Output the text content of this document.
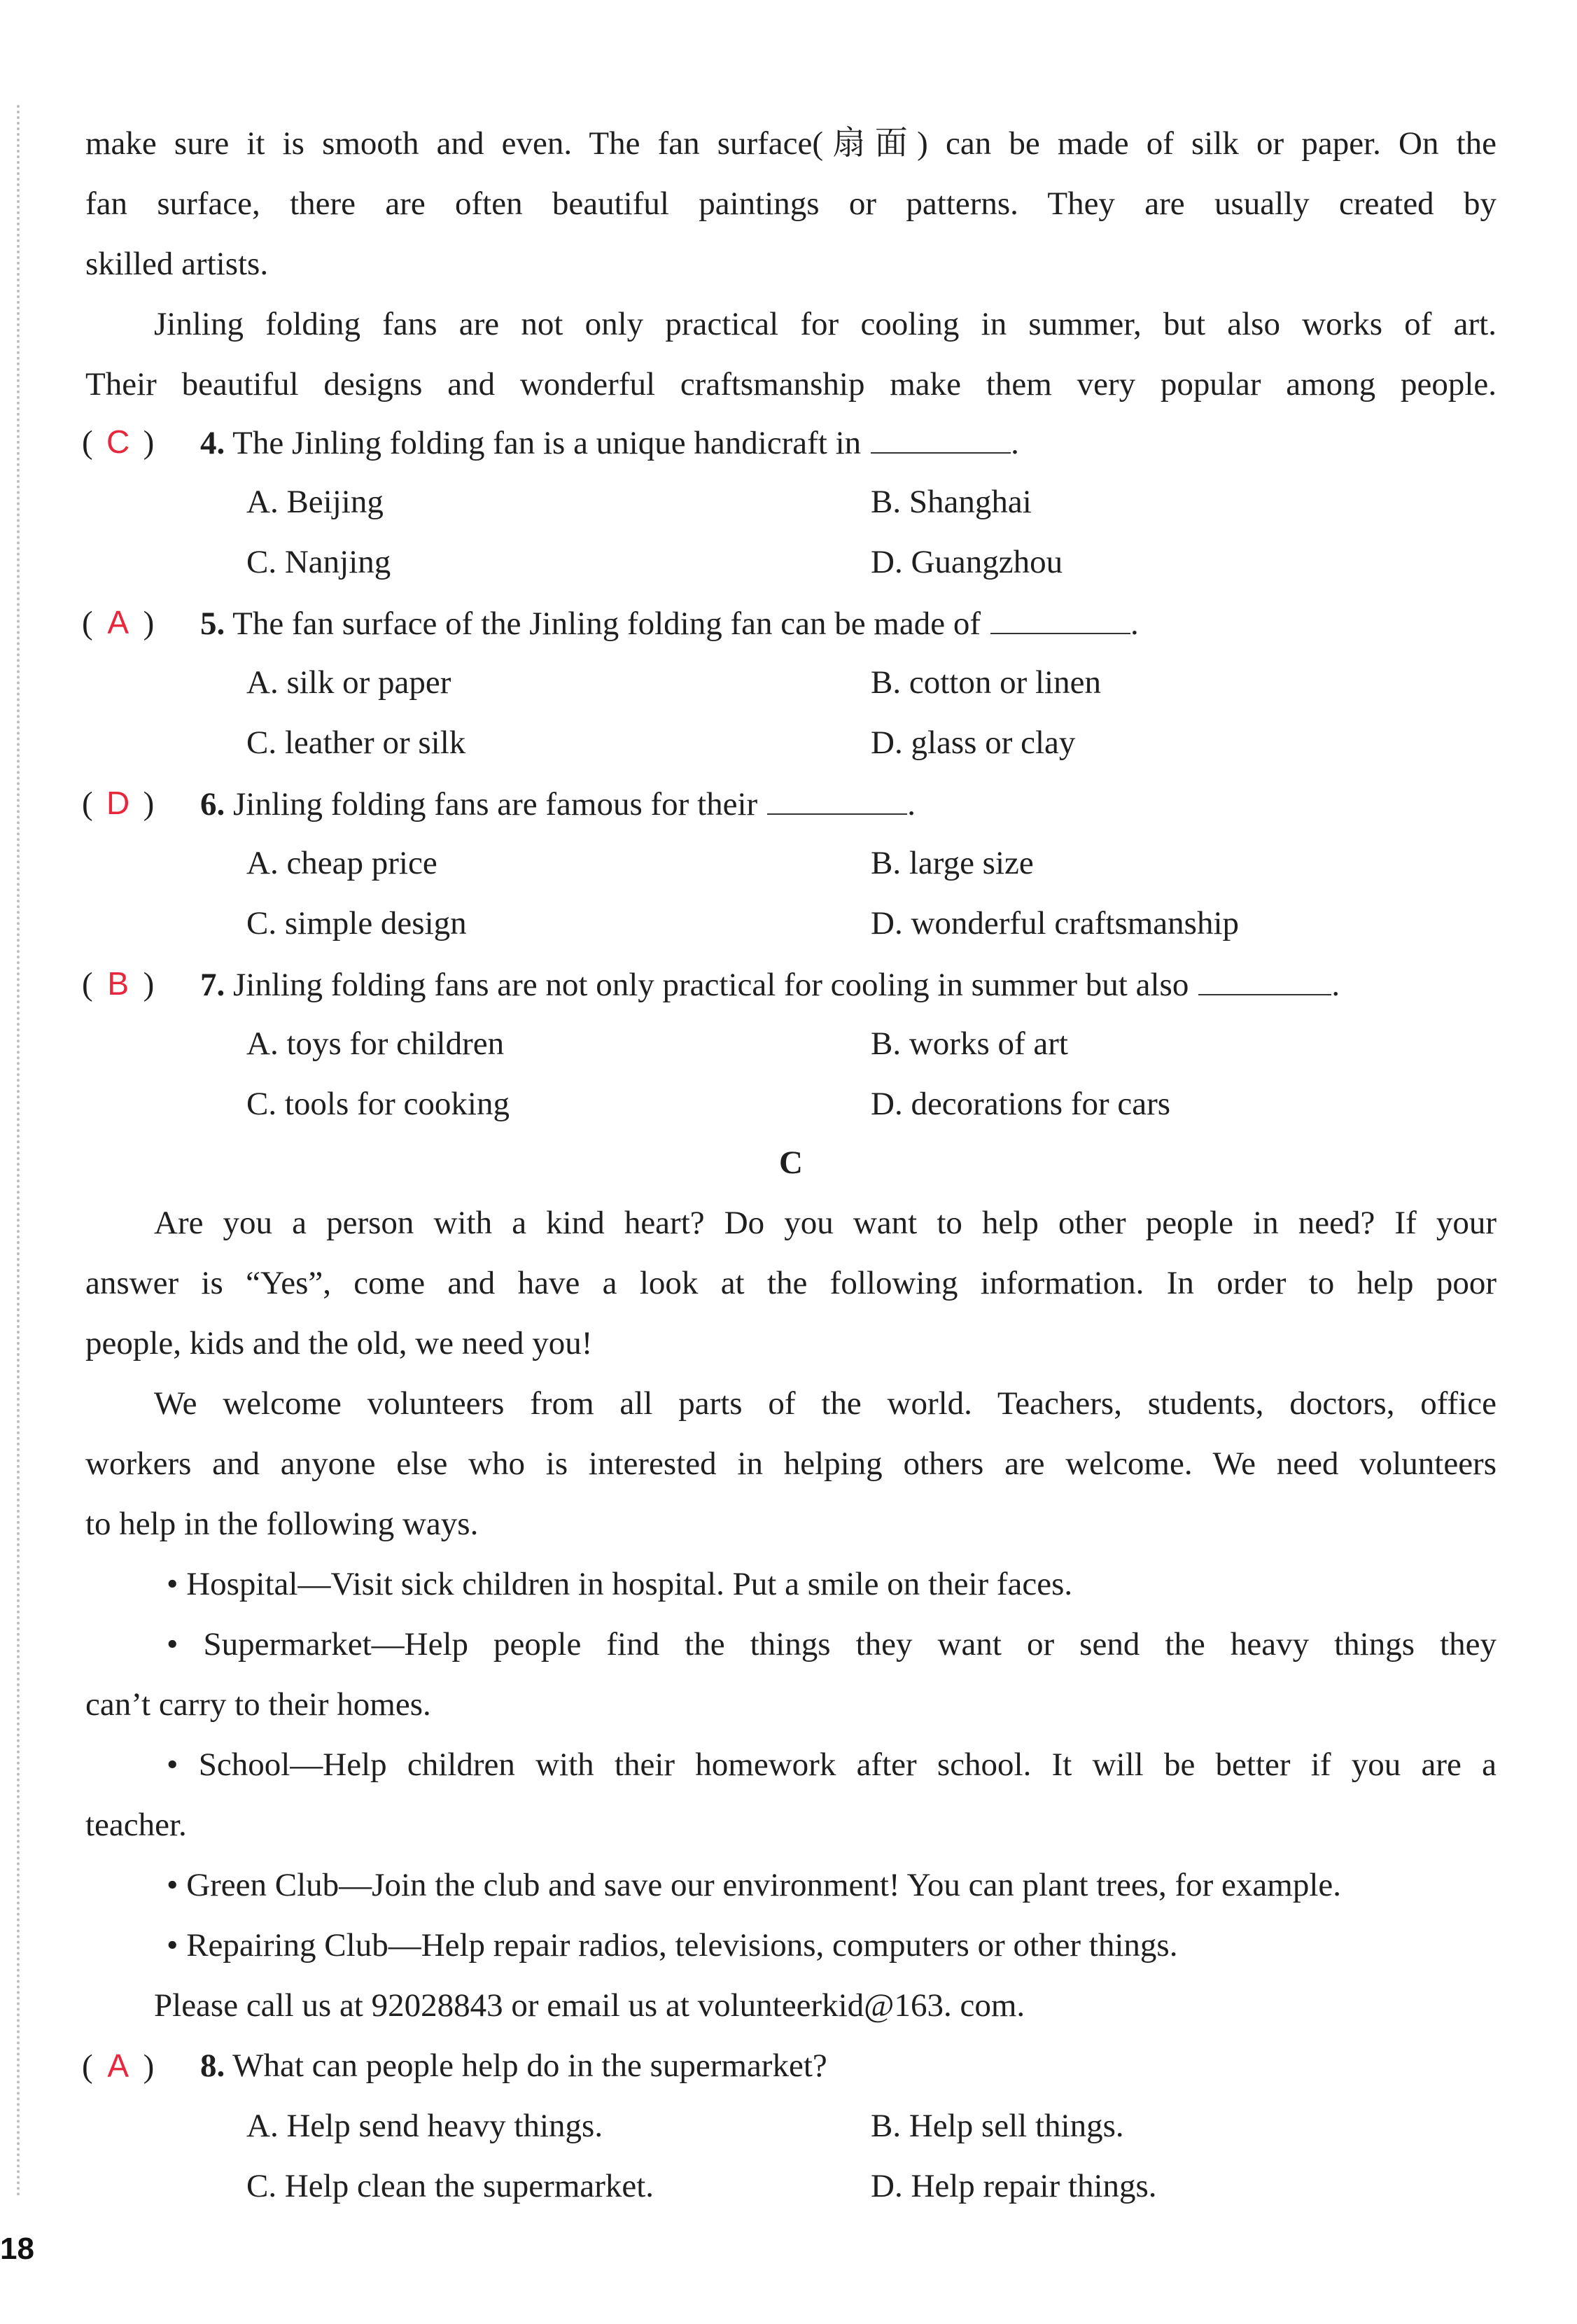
make sure it is smooth and even. The fan surface(扇面) can be made of silk or paper. On the
fan surface, there are often beautiful paintings or patterns. They are usually created by
skilled artists.
Jinling folding fans are not only practical for cooling in summer, but also works of art.
Their beautiful designs and wonderful craftsmanship make them very popular among people.
( C ) 4. The Jinling folding fan is a unique handicraft in	.
A. Beijing	B. Shanghai
C. Nanjing	D. Guangzhou
( A ) 5. The fan surface of the Jinling folding fan can be made of	.
A. silk or paper	B. cotton or linen
C. leather or silk	D. glass or clay
( D ) 6. Jinling folding fans are famous for their	.
A. cheap price	B. large size
C. simple design	D. wonderful craftsmanship
( B ) 7. Jinling folding fans are not only practical for cooling in summer but also	.
A. toys for children	B. works of art
C. tools for cooking	D. decorations for cars
C
Are you a person with a kind heart? Do you want to help other people in need? If your
answer is “Yes”, come and have a look at the following information. In order to help poor
people, kids and the old, we need you!
We welcome volunteers from all parts of the world. Teachers, students, doctors, office
workers and anyone else who is interested in helping others are welcome. We need volunteers
to help in the following ways.
• Hospital—Visit sick children in hospital. Put a smile on their faces.
• Supermarket—Help people find the things they want or send the heavy things they
can’t carry to their homes.
• School—Help children with their homework after school. It will be better if you are a
teacher.
• Green Club—Join the club and save our environment! You can plant trees, for example.
• Repairing Club—Help repair radios, televisions, computers or other things.
Please call us at 92028843 or email us at volunteerkid@163. com.
( A ) 8. What can people help do in the supermarket?
A. Help send heavy things.	B. Help sell things.
C. Help clean the supermarket.	D. Help repair things.
18
